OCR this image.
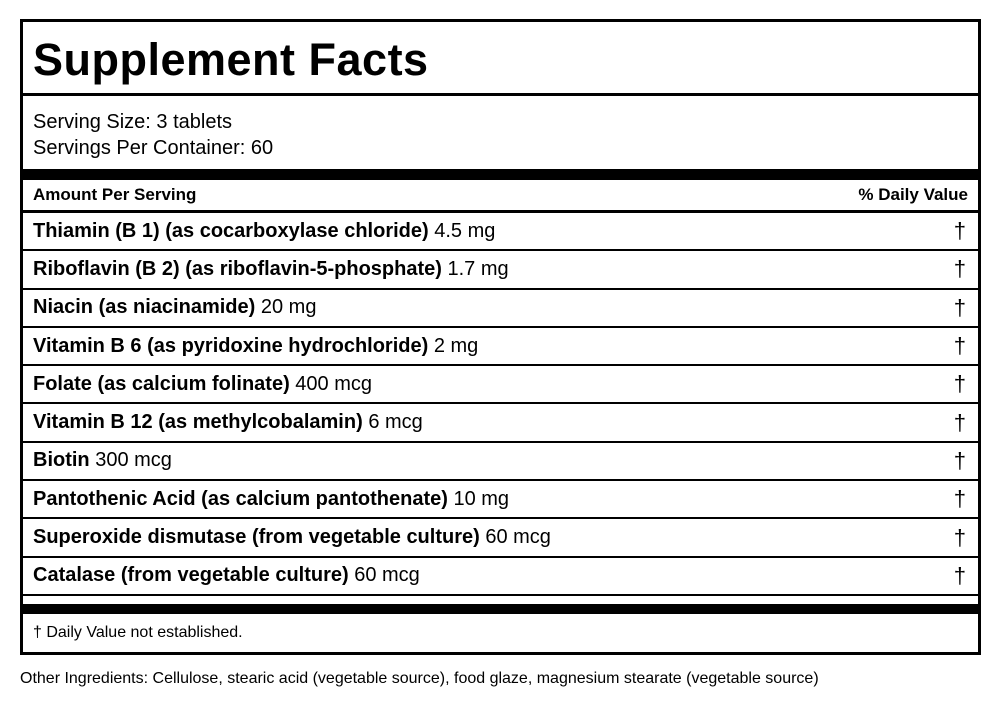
Supplement Facts
Serving Size: 3 tablets
Servings Per Container: 60
Amount Per Serving	% Daily Value
Thiamin (B 1) (as cocarboxylase chloride) 4.5 mg	†
Riboflavin (B 2) (as riboflavin-5-phosphate) 1.7 mg	†
Niacin (as niacinamide) 20 mg	†
Vitamin B 6 (as pyridoxine hydrochloride) 2 mg	†
Folate (as calcium folinate) 400 mcg	†
Vitamin B 12 (as methylcobalamin) 6 mcg	†
Biotin 300 mcg	†
Pantothenic Acid (as calcium pantothenate) 10 mg	†
Superoxide dismutase (from vegetable culture) 60 mcg	†
Catalase (from vegetable culture) 60 mcg	†
† Daily Value not established.
Other Ingredients: Cellulose, stearic acid (vegetable source), food glaze, magnesium stearate (vegetable source)
